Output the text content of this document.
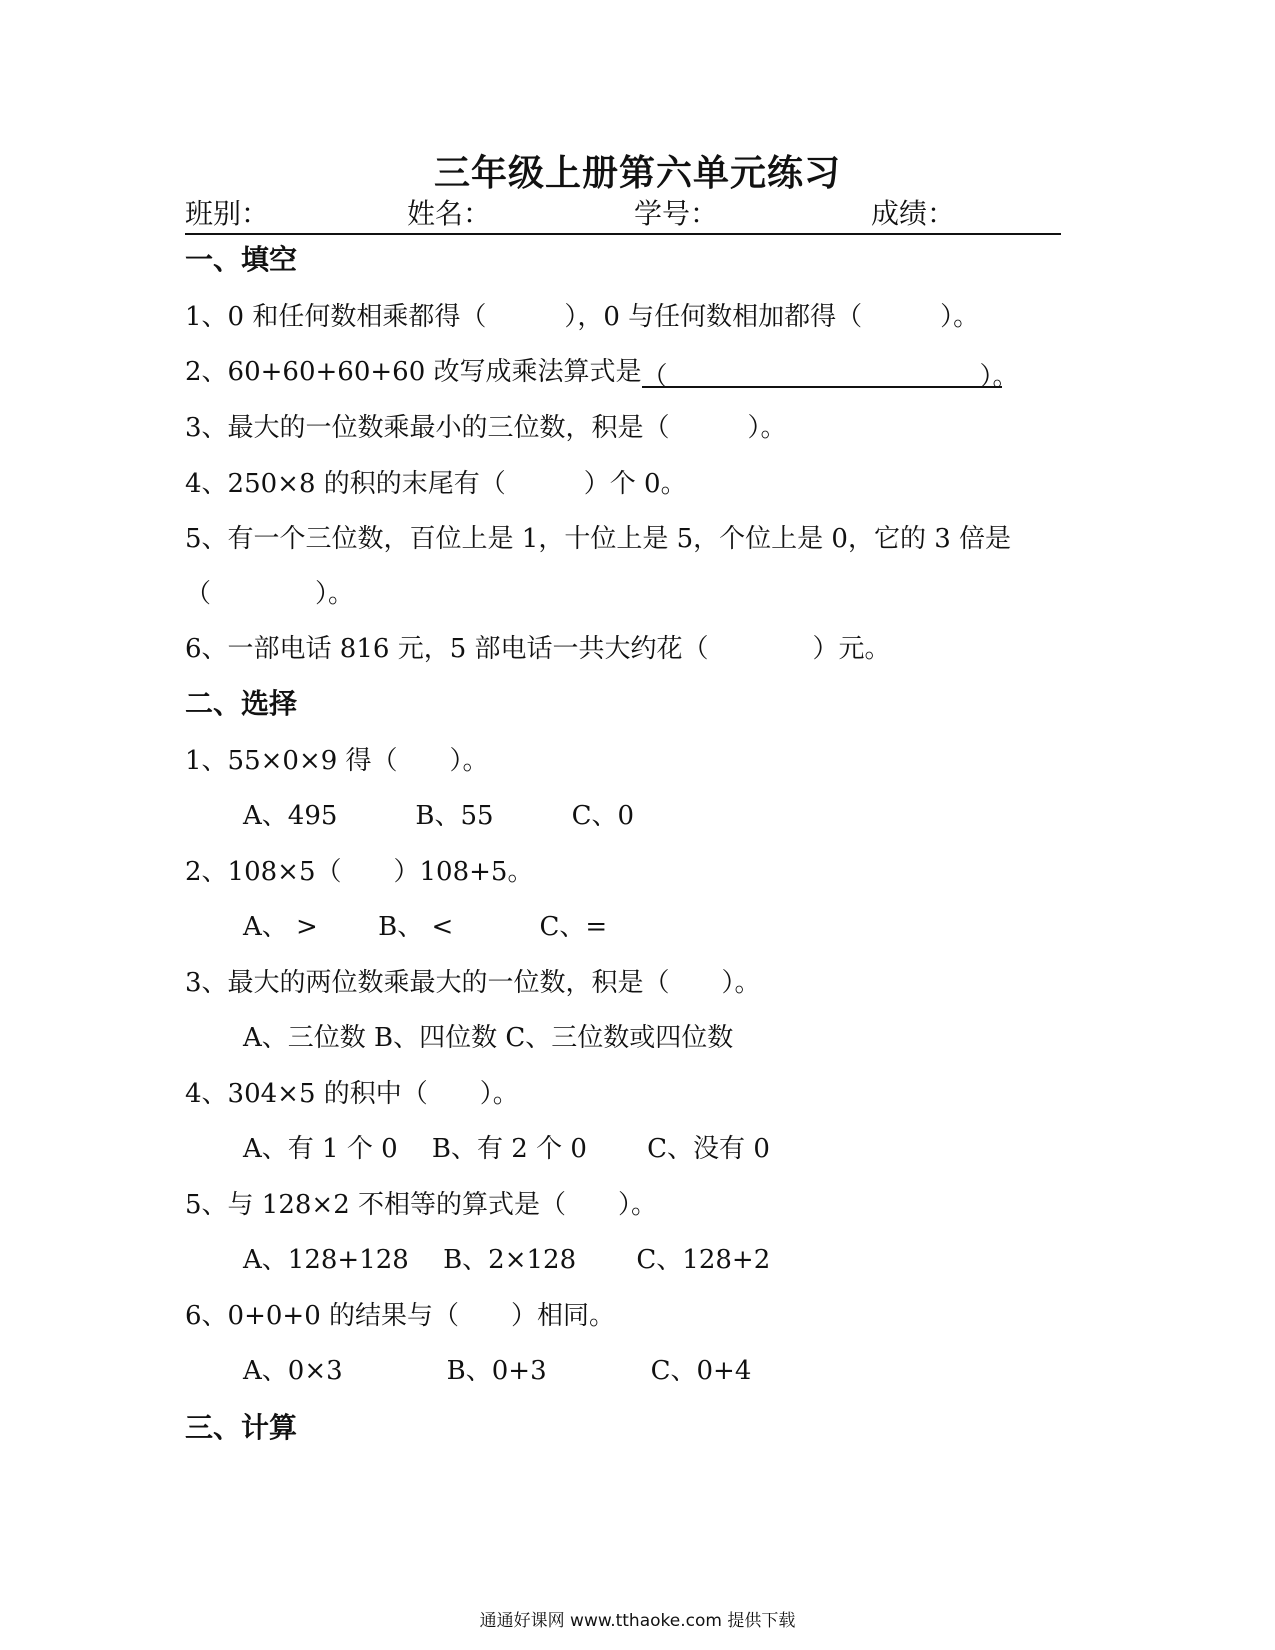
三年级上册第六单元练习
班别：	姓名：	学号：	成绩：
一、填空
1、0 和任何数相乘都得（　　　），0 与任何数相加都得（　　　）。
2、60+60+60+60 改写成乘法算式是（	）。
3、最大的一位数乘最小的三位数，积是（　　　）。
4、250×8 的积的末尾有（　　　）个 0。
5、有一个三位数，百位上是 1，十位上是 5，个位上是 0，它的 3 倍是
（　　　　）。
6、一部电话 816 元，5 部电话一共大约花（　　　　）元。
二、选择
1、55×0×9 得（　　）。
A、495　　　B、55　　　C、0
2、108×5（　　）108+5。
A、 >　　 B、 <　　　 C、=
3、最大的两位数乘最大的一位数，积是（　　）。
A、三位数 B、四位数 C、三位数或四位数
4、304×5 的积中（　　）。
A、有 1 个 0　 B、有 2 个 0　　 C、没有 0
5、与 128×2 不相等的算式是（　　）。
A、128+128　 B、2×128　　 C、128+2
6、0+0+0 的结果与（　　）相同。
A、0×3　　　　B、0+3　　　　C、0+4
三、计算
通通好课网 www.tthaoke.com 提供下载
